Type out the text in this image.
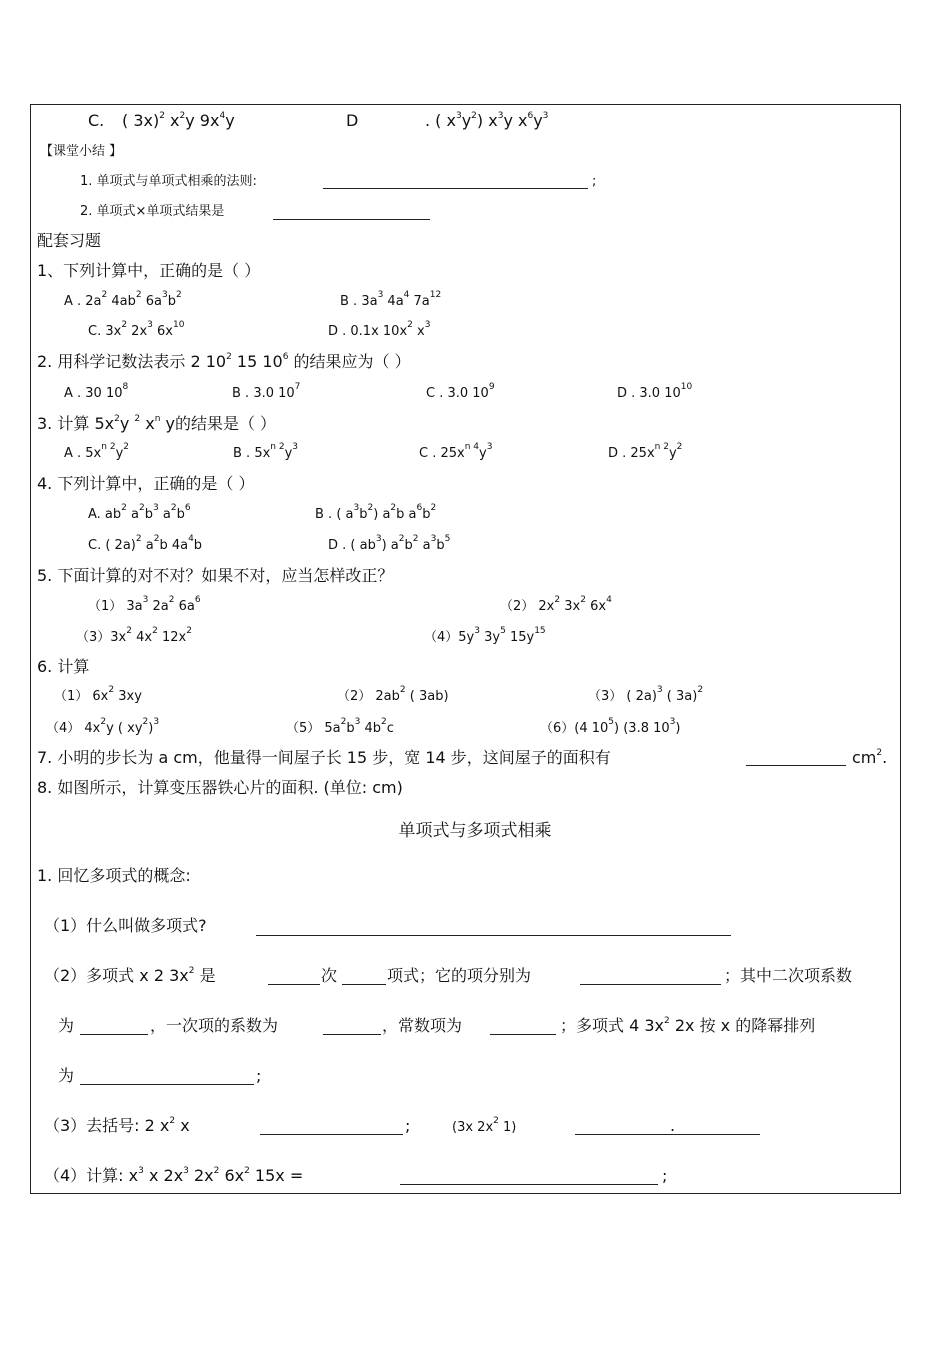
C. ( 3x)$^2$ $x^2y$ $9x^4y$	D	. ( $x^3y^2$) $x^3y$ $x^6y^3$
【课堂小结 】
1. 单项式与单项式相乘的法则:	;
2. 单项式×单项式结果是
配套习题
1、下列计算中，正确的是（ ）
A . $2a^2$ $4ab^2$ $6a^3b^2$	B . $3a^3$ $4a^4$ $7a^{12}$
C. $3x^2$ $2x^3$ $6x^{10}$	D . 0.1x $10x^2$ $x^3$
2. 用科学记数法表示 2 $10^2$ 15 $10^6$ 的结果应为（ ）
A . 30 $10^8$	B . 3.0 $10^7$	C . 3.0 $10^9$	D . 3.0 $10^{10}$
3. 计算 $5x^2y$ $^2$ $x^n$ y的结果是（ ）
A . $5x^{n 2}y^2$	B . $5x^{n 2}y^3$	C . $25x^{n 4}y^3$	D . $25x^{n 2}y^2$
4. 下列计算中，正确的是（ ）
A. $ab^2$ $a^2b^3$ $a^2b^6$	B . ( $a^3b^2$) $a^2b$ $a^6b^2$
C. ( 2a)$^2$ $a^2b$ $4a^4b$	D . ( $ab^3$) $a^2b^2$ $a^3b^5$
5. 下面计算的对不对？如果不对，应当怎样改正？
（1） $3a^3$ $2a^2$ $6a^6$	（2） $2x^2$ $3x^2$ $6x^4$
$(3)3x^2$ $4x^2$ $12x^2$	$(4)5y^3$ $3y^5$ $15y^{15}$
6. 计算
（1） $6x^2$ 3xy	（2） $2ab^2$ ( 3ab)	（3） ( 2a)$^3$ ( 3a)$^2$
（4） $4x^2y$ ( $xy^2)^3$	（5） $5a^2b^3$ $4b^2c$	（6）(4 $10^5$) (3.8 $10^3$)
7. 小明的步长为 a cm，他量得一间屋子长 15 步，宽 14 步，这间屋子的面积有	$cm^2$.
8. 如图所示，计算变压器铁心片的面积. (单位: cm)
单项式与多项式相乘
1. 回忆多项式的概念:
（1）什么叫做多项式?
（2）多项式 x 2 $3x^2$ 是	次	项式；它的项分别为	；其中二次项系数
为	，一次项的系数为	，常数项为	；多项式 4 $3x^2$ 2x 按 x 的降幂排列
为	;
（3）去括号: 2 $x^2$ x	;	(3x $2x^2$ 1)	.
（4）计算: $x^3$ x $2x^3$ $2x^2$ $6x^2$ 15x =	;
